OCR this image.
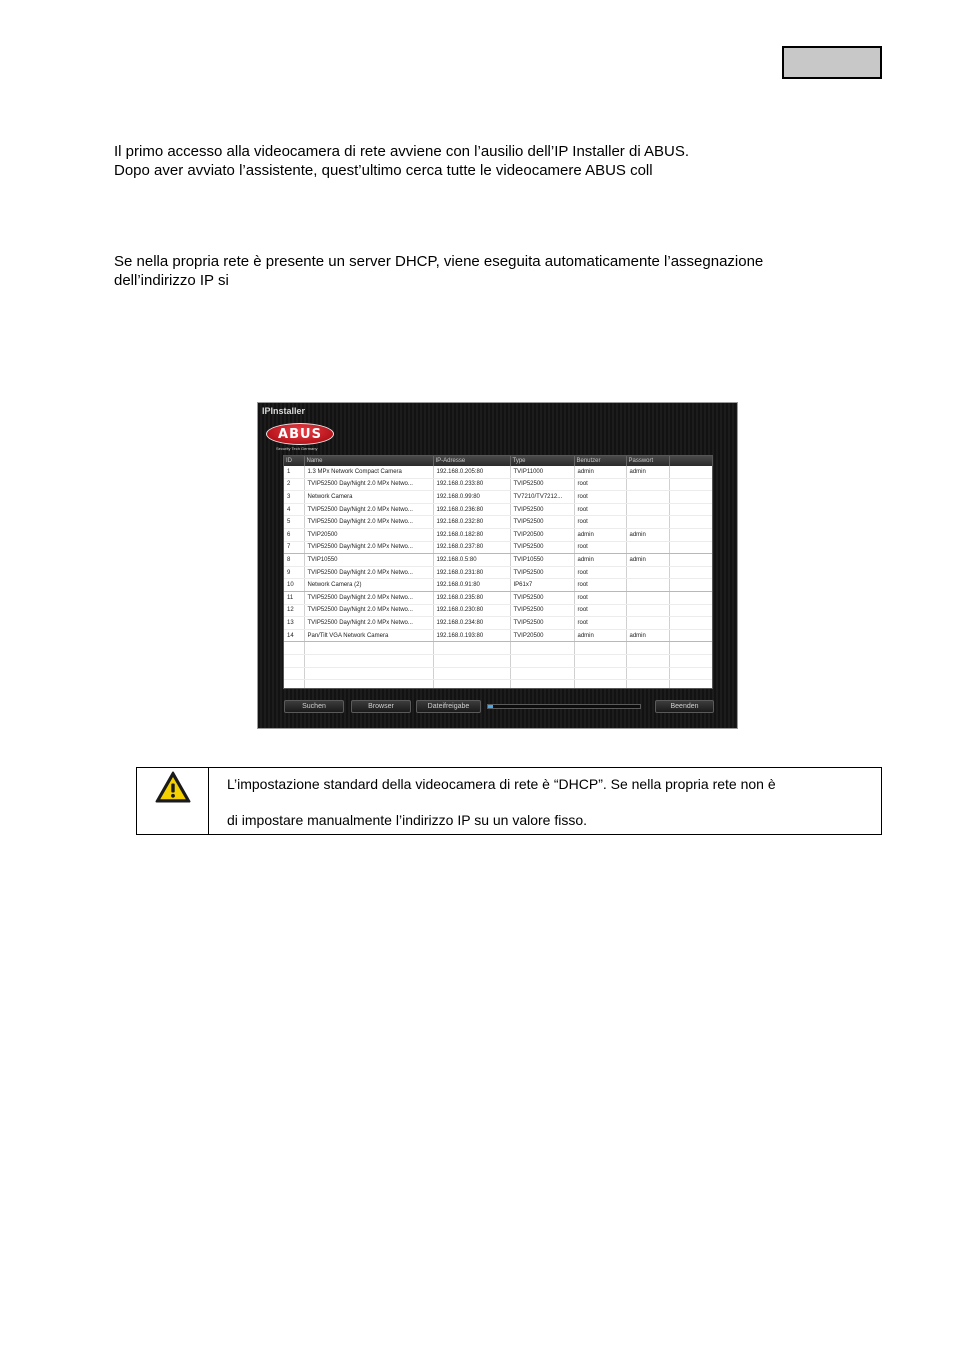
Il primo accesso alla videocamera di rete avviene con l’ausilio dell’IP Installer di ABUS.
Dopo aver avviato l’assistente, quest’ultimo cerca tutte le videocamere ABUS coll
Se nella propria rete è presente un server DHCP, viene eseguita automaticamente l’assegnazione
dell’indirizzo IP si
IPInstaller
ABUS
Security Tech Germany
ID	Name	IP-Adresse	Type	Benutzer	Passwort	
1	1.3 MPx Network Compact Camera	192.168.0.205:80	TVIP11000	admin	admin	
2	TVIP52500 Day/Night 2.0 MPx Netwo...	192.168.0.233:80	TVIP52500	root		
3	Network Camera	192.168.0.99:80	TV7210/TV7212...	root		
4	TVIP52500 Day/Night 2.0 MPx Netwo...	192.168.0.236:80	TVIP52500	root		
5	TVIP52500 Day/Night 2.0 MPx Netwo...	192.168.0.232:80	TVIP52500	root		
6	TVIP20500	192.168.0.182:80	TVIP20500	admin	admin	
7	TVIP52500 Day/Night 2.0 MPx Netwo...	192.168.0.237:80	TVIP52500	root		
8	TVIP10550	192.168.0.5:80	TVIP10550	admin	admin	
9	TVIP52500 Day/Night 2.0 MPx Netwo...	192.168.0.231:80	TVIP52500	root		
10	Network Camera (2)	192.168.0.91:80	IP61x7	root		
11	TVIP52500 Day/Night 2.0 MPx Netwo...	192.168.0.235:80	TVIP52500	root		
12	TVIP52500 Day/Night 2.0 MPx Netwo...	192.168.0.230:80	TVIP52500	root		
13	TVIP52500 Day/Night 2.0 MPx Netwo...	192.168.0.234:80	TVIP52500	root		
14	Pan/Tilt VGA Network Camera	192.168.0.193:80	TVIP20500	admin	admin	

Suchen	Browser	Dateifreigabe	Beenden
L’impostazione standard della videocamera di rete è “DHCP”. Se nella propria rete non è
di impostare manualmente l’indirizzo IP su un valore fisso.
